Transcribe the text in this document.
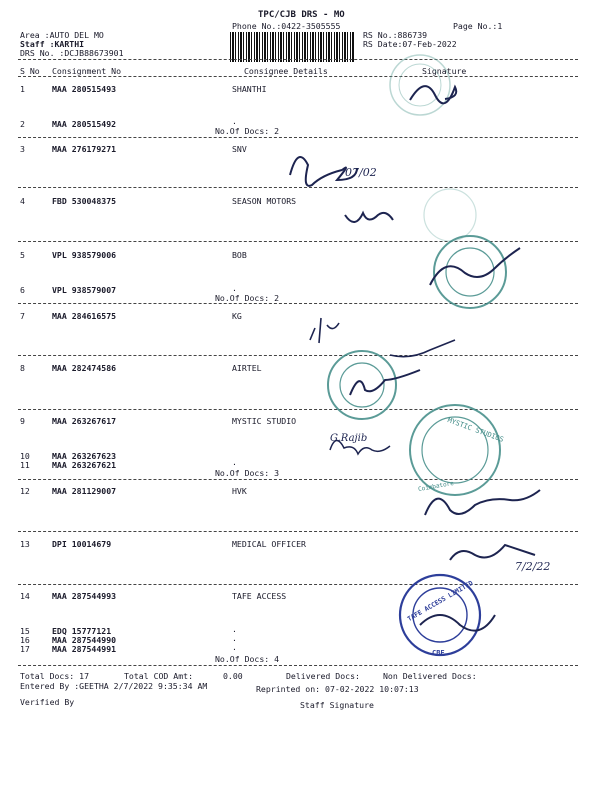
TPC/CJB DRS - MO
Phone No.:0422-3505555	Page No.:1
Area :AUTO DEL MO
Staff :KARTHI
DRS No. :DCJB88673901
RS No.:886739
RS Date:07-Feb-2022
S No Consignment No	Consignee Details	Signature
1	MAA 280515493	SHANTHI
2	MAA 280515492	.
No.Of Docs: 2
3	MAA 276179271	SNV
4	FBD 530048375	SEASON MOTORS
5	VPL 938579006	BOB
6	VPL 938579007	.
No.Of Docs: 2
7	MAA 284616575	KG
8	MAA 282474586	AIRTEL
9	MAA 263267617	MYSTIC STUDIO
10	MAA 263267623
11	MAA 263267621	.
No.Of Docs: 3
12	MAA 281129007	HVK
13	DPI 10014679	MEDICAL OFFICER
14	MAA 287544993	TAFE ACCESS
15	EDQ 15777121	.
16	MAA 287544990	.
17	MAA 287544991	.
No.Of Docs: 4
Total Docs: 17	Total COD Amt:	0.00	Delivered Docs:	Non Delivered Docs:
Entered By :GEETHA 2/7/2022 9:35:34 AM	Reprinted on: 07-02-2022 10:07:13
Verified By	Staff Signature
MYSTIC STUDIOS
Coimbatore
TAFE ACCESS LIMITED
CBE
07/02
G.Rajib
7/2/22
